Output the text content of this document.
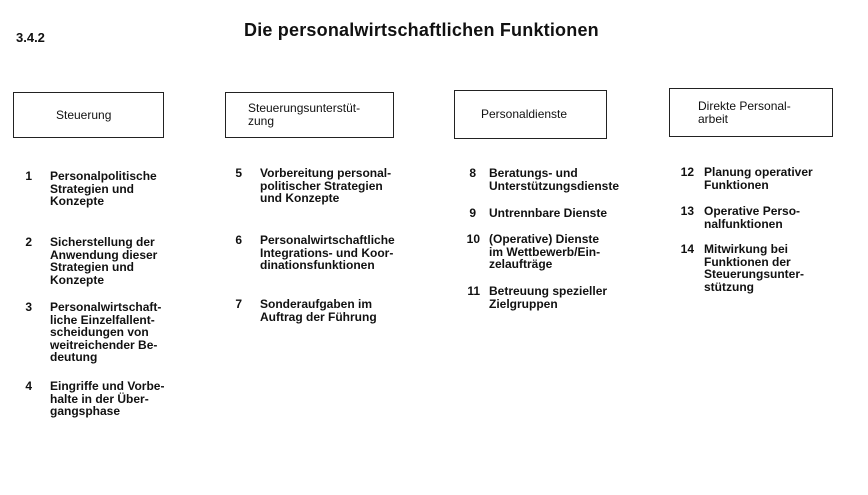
3.4.2	Die personalwirtschaftlichen Funktionen
Steuerung	Steuerungsunterstüt-
zung	Personaldienste
Direkte Personal-
arbeit
1 Personalpolitische
Strategien und
Konzepte
2 Sicherstellung der
Anwendung dieser
Strategien und
Konzepte
3 Personalwirtschaft-
liche Einzelfallent-
scheidungen von
weitreichender Be-
deutung
4 Eingriffe und Vorbe-
halte in der Über-
gangsphase
5 Vorbereitung personal-
politischer Strategien
und Konzepte
6 Personalwirtschaftliche
Integrations- und Koor-
dinationsfunktionen
7 Sonderaufgaben im
Auftrag der Führung
8 Beratungs- und
Unterstützungsdienste
9 Untrennbare Dienste
10 (Operative) Dienste
im Wettbewerb/Ein-
zelaufträge
11 Betreuung spezieller
Zielgruppen
12 Planung operativer
Funktionen
13 Operative Perso-
nalfunktionen
14 Mitwirkung bei
Funktionen der
Steuerungsunter-
stützung
